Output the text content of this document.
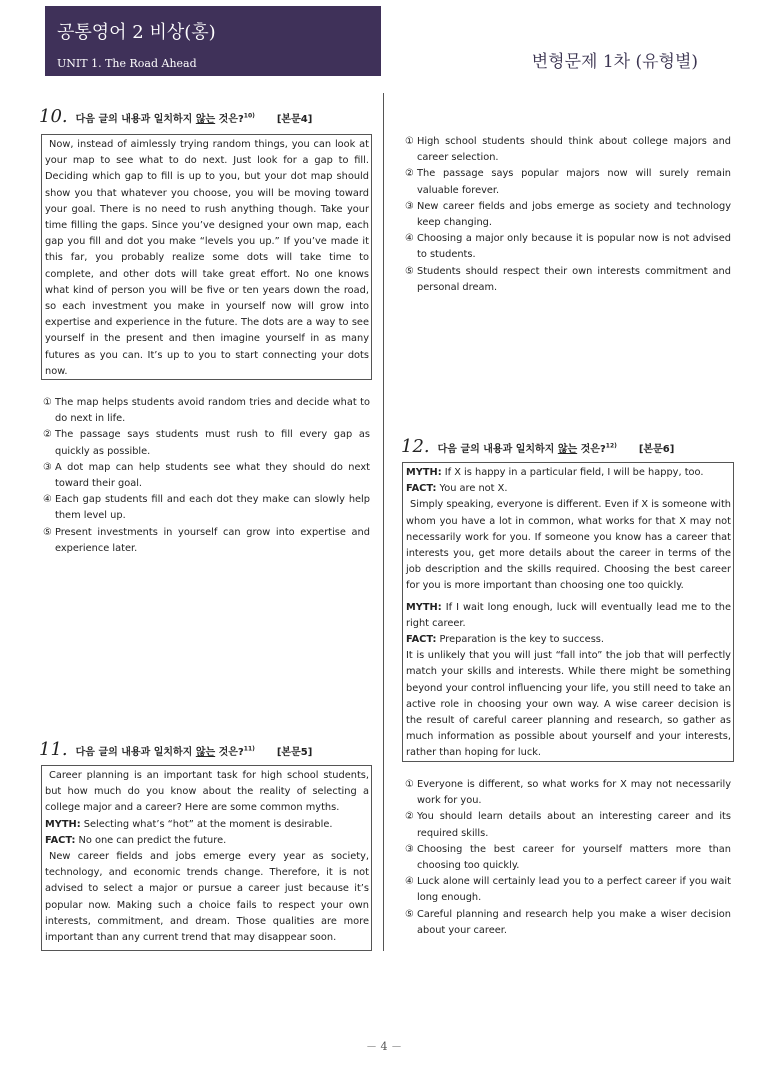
공통영어 2 비상(홍)
UNIT 1. The Road Ahead	변형문제 1차 (유형별)
10. 다음 글의 내용과 일치하지 않는 것은?$^{10)}$ [본문4]

Now, instead of aimlessly trying random things, you can look at your map to see what to do next. Just look for a gap to fill. Deciding which gap to fill is up to you, but your dot map should show you that whatever you choose, you will be moving toward your goal. There is no need to rush anything though. Take your time filling the gaps. Since you’ve designed your own map, each gap you fill and dot you make “levels you up.” If you’ve made it this far, you probably realize some dots will take time to complete, and other dots will take great effort. No one knows what kind of person you will be five or ten years down the road, so each investment you make in yourself now will grow into expertise and experience in the future. The dots are a way to see yourself in the present and then imagine yourself in as many futures as you can. It’s up to you to start connecting your dots now.

① The map helps students avoid random tries and decide what to do next in life.
② The passage says students must rush to fill every gap as quickly as possible.
③ A dot map can help students see what they should do next toward their goal.
④ Each gap students fill and each dot they make can slowly help them level up.
⑤ Present investments in yourself can grow into expertise and experience later.
11. 다음 글의 내용과 일치하지 않는 것은?$^{11)}$ [본문5]

Career planning is an important task for high school students, but how much do you know about the reality of selecting a college major and a career? Here are some common myths.

MYTH: Selecting what’s “hot” at the moment is desirable.

FACT: No one can predict the future.

New career fields and jobs emerge every year as society, technology, and economic trends change. Therefore, it is not advised to select a major or pursue a career just because it’s popular now. Making such a choice fails to respect your own interests, commitment, and dream. Those qualities are more important than any current trend that may disappear soon.

① High school students should think about college majors and career selection.
② The passage says popular majors now will surely remain valuable forever.
③ New career fields and jobs emerge as society and technology keep changing.
④ Choosing a major only because it is popular now is not advised to students.
⑤ Students should respect their own interests commitment and personal dream.
12. 다음 글의 내용과 일치하지 않는 것은?$^{12)}$ [본문6]

MYTH: If X is happy in a particular field, I will be happy, too.

FACT: You are not X.

Simply speaking, everyone is different. Even if X is someone with whom you have a lot in common, what works for that X may not necessarily work for you. If someone you know has a career that interests you, get more details about the career in terms of the job description and the skills required. Choosing the best career for you is more important than choosing one too quickly.

MYTH: If I wait long enough, luck will eventually lead me to the right career.

FACT: Preparation is the key to success.

It is unlikely that you will just “fall into” the job that will perfectly match your skills and interests. While there might be something beyond your control influencing your life, you still need to take an active role in choosing your own way. A wise career decision is the result of careful career planning and research, so gather as much information as possible about yourself and your interests, rather than hoping for luck.

① Everyone is different, so what works for X may not necessarily work for you.
② You should learn details about an interesting career and its required skills.
③ Choosing the best career for yourself matters more than choosing too quickly.
④ Luck alone will certainly lead you to a perfect career if you wait long enough.
⑤ Careful planning and research help you make a wiser decision about your career.
－ 4 －
